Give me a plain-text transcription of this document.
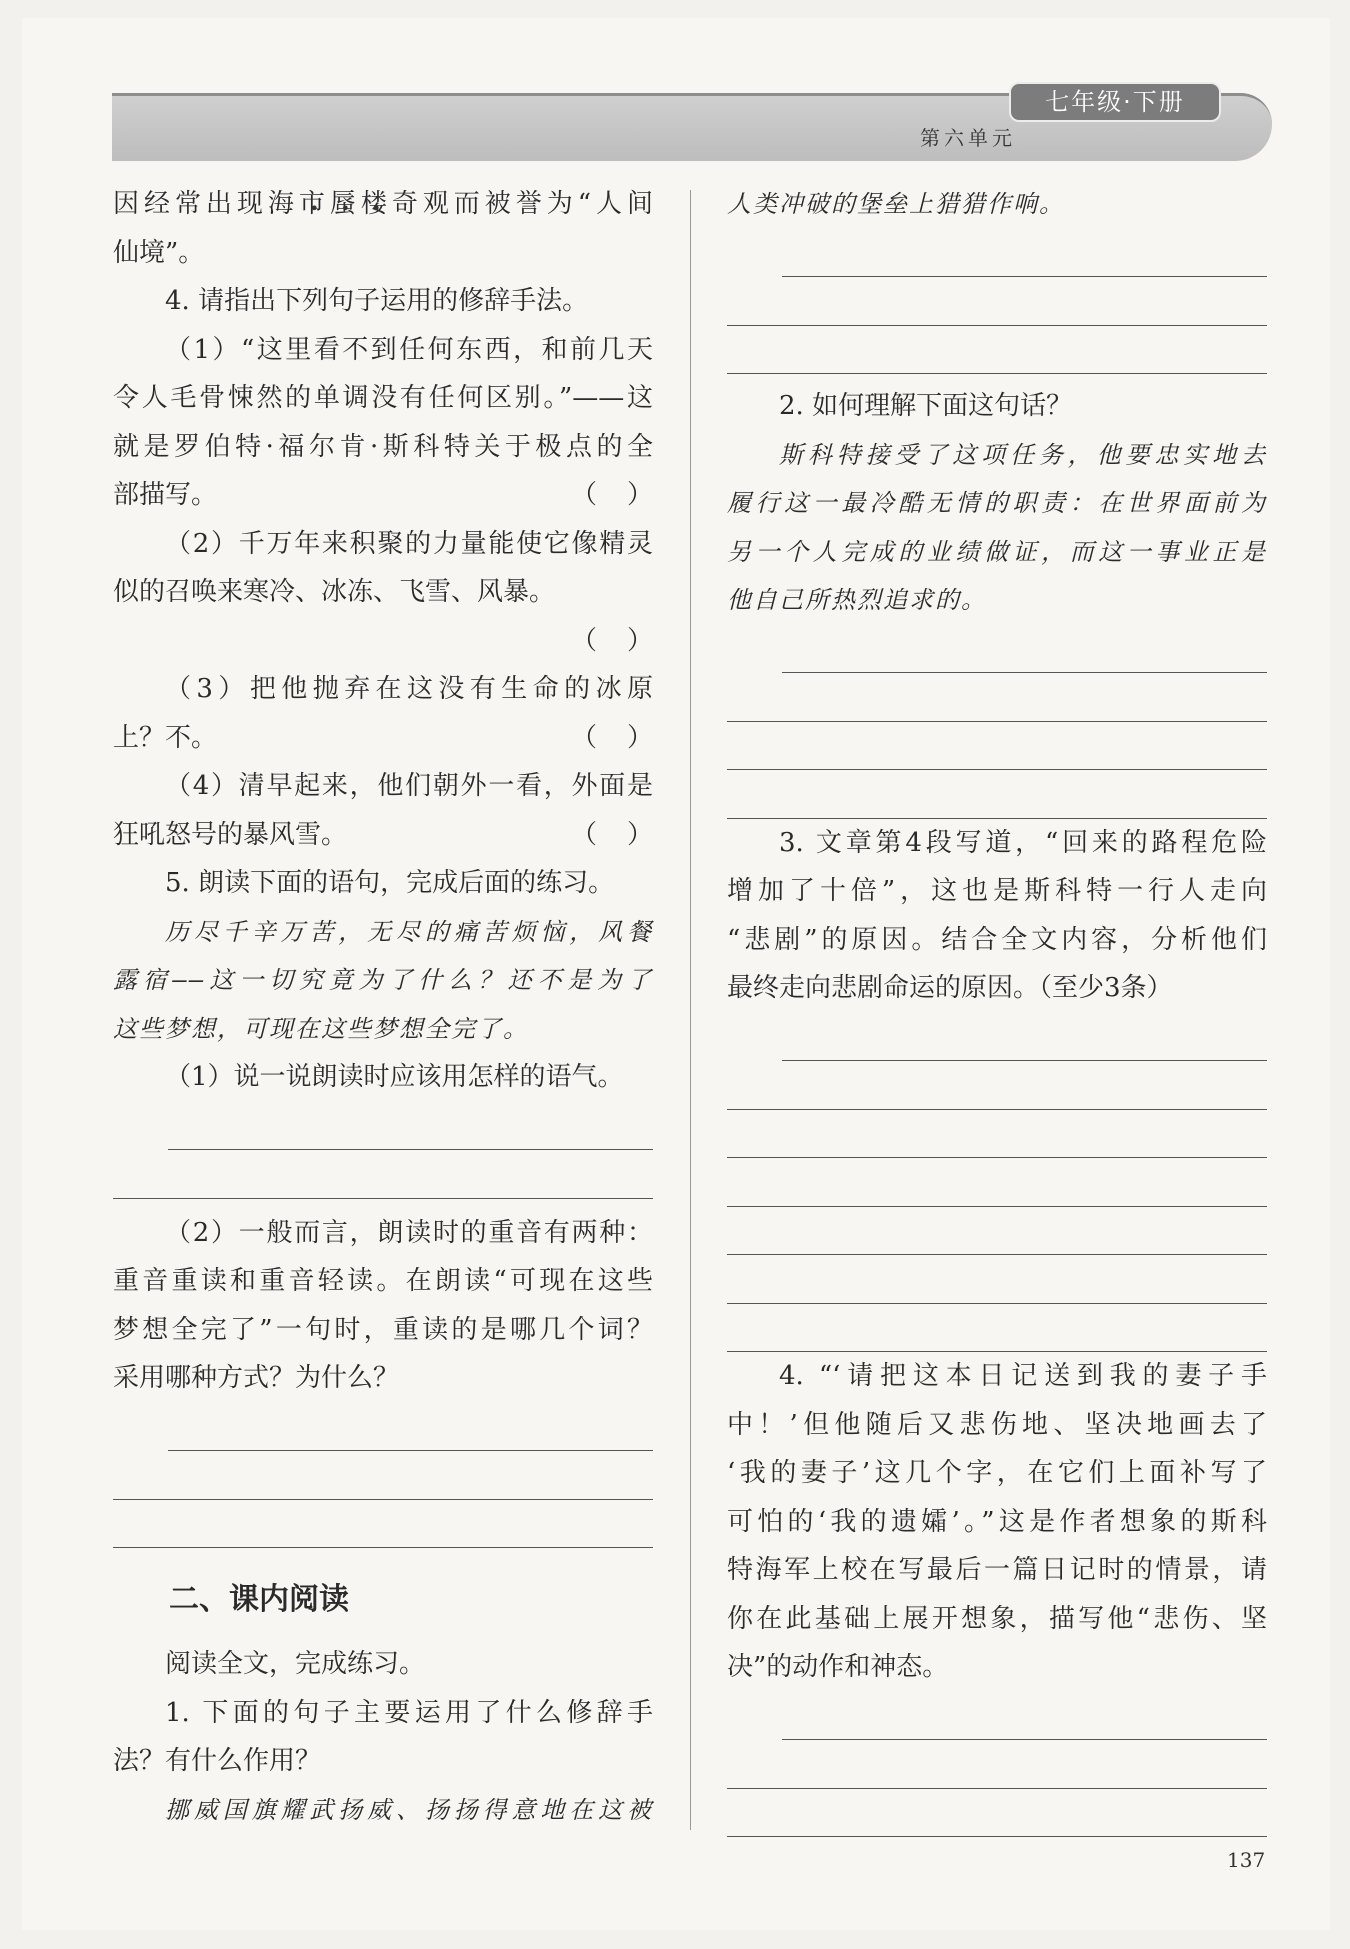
七年级·下册
第六单元

因经常出现海市 •蜃 •楼 •奇观而被誉为“人间

仙境”。

4. 请指出下列句子运用的修辞手法。

（1）“这里看不到任何东西，和前几天

令人毛骨悚然的单调没有任何区别。”——这

就是罗伯特·福尔肯·斯科特关于极点的全

部描写。	（ ）

（2）千万年来积聚的力量能使它像精灵

似的召唤来寒冷、冰冻、飞雪、风暴。

（ ）

（3）把他抛弃在这没有生命的冰原

上？不。	（ ）

（4）清早起来，他们朝外一看，外面是

狂吼怒号的暴风雪。	（ ）

5. 朗读下面的语句，完成后面的练习。

历尽千辛万苦，无尽的痛苦烦恼，风餐

露宿——这一切究竟为了什么？还不是为了

这些梦想，可现在这些梦想全完了。

（1）说一说朗读时应该用怎样的语气。

（2）一般而言，朗读时的重音有两种：

重音重读和重音轻读。在朗读“可现在这些

梦想全完了”一句时，重读的是哪几个词？

采用哪种方式？为什么？

二、课内阅读

阅读全文，完成练习。

1. 下面的句子主要运用了什么修辞手

法？有什么作用？

挪威国旗耀武扬威、扬扬得意地在这被

人类冲破的堡垒上猎猎作响。

2. 如何理解下面这句话？

斯科特接受了这项任务，他要忠实地去

履行这一最冷酷无情的职责：在世界面前为

另一个人完成的业绩做证，而这一事业正是

他自己所热烈追求的。

3. 文章第4段写道，“回来的路程危险

增加了十倍”，这也是斯科特一行人走向

“悲剧”的原因。结合全文内容，分析他们

最终走向悲剧命运的原因。（至少3条）

4. “‘请把这本日记送到我的妻子手

中！’但他随后又悲伤地、坚决地画去了

‘我的妻子’这几个字，在它们上面补写了

可怕的‘我的遗孀’。”这是作者想象的斯科

特海军上校在写最后一篇日记时的情景，请

你在此基础上展开想象，描写他“悲伤、坚

决”的动作和神态。

137
